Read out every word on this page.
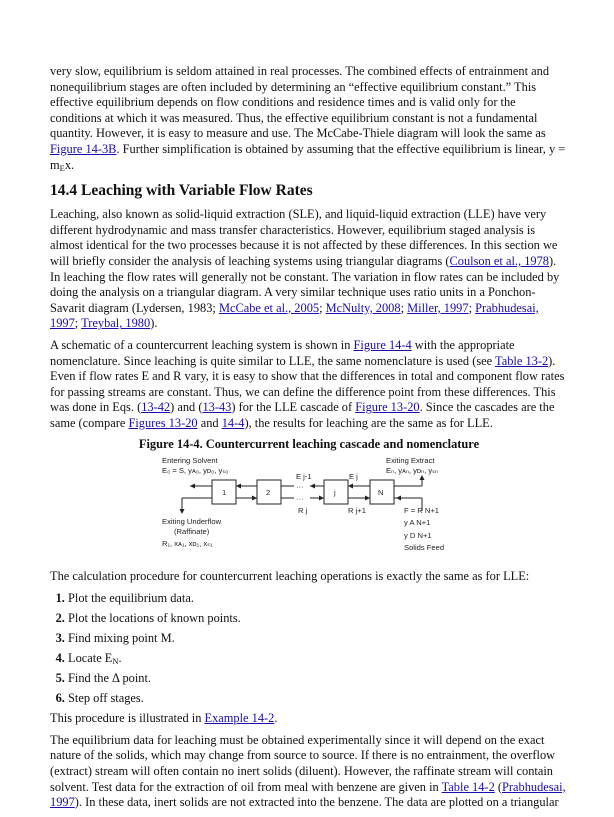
very slow, equilibrium is seldom attained in real processes. The combined effects of entrainment and nonequilibrium stages are often included by determining an “effective equilibrium constant.” This effective equilibrium depends on flow conditions and residence times and is valid only for the conditions at which it was measured. Thus, the effective equilibrium constant is not a fundamental quantity. However, it is easy to measure and use. The McCabe-Thiele diagram will look the same as Figure 14-3B. Further simplification is obtained by assuming that the effective equilibrium is linear, $y = m_Ex$.

14.4 Leaching with Variable Flow Rates

Leaching, also known as solid-liquid extraction (SLE), and liquid-liquid extraction (LLE) have very different hydrodynamic and mass transfer characteristics. However, equilibrium staged analysis is almost identical for the two processes because it is not affected by these differences. In this section we will briefly consider the analysis of leaching systems using triangular diagrams (Coulson et al., 1978). In leaching the flow rates will generally not be constant. The variation in flow rates can be included by doing the analysis on a triangular diagram. A very similar technique uses ratio units in a Ponchon-Savarit diagram (Lydersen, 1983; McCabe et al., 2005; McNulty, 2008; Miller, 1997; Prabhudesai, 1997; Treybal, 1980).

A schematic of a countercurrent leaching system is shown in Figure 14-4 with the appropriate nomenclature. Since leaching is quite similar to LLE, the same nomenclature is used (see Table 13-2). Even if flow rates E and R vary, it is easy to show that the differences in total and component flow rates for passing streams are constant. Thus, we can define the difference point from these differences. This was done in Eqs. (13-42) and (13-43) for the LLE cascade of Figure 13-20. Since the cascades are the same (compare Figures 13-20 and 14-4), the results for leaching are the same as for LLE.

Figure 14-4. Countercurrent leaching cascade and nomenclature
Entering Solvent
E₀ = S, yᴀ₀, yᴅ₀, yₛ₀
Exiting Extract
Eₙ, yᴀₙ, yᴅₙ, yₛₙ
1	2	j	N
···
···
E j
E j-1
R j	R j+1
Exiting Underflow
(Raffinate)
R₁, xᴀ₁, xᴅ₁, xₛ₁
F = R N+1
y A N+1
y D N+1
Solids Feed

The calculation procedure for countercurrent leaching operations is exactly the same as for LLE:

1. Plot the equilibrium data.
2. Plot the locations of known points.
3. Find mixing point M.
4. Locate $E_N$.
5. Find the Δ point.
6. Step off stages.

This procedure is illustrated in Example 14-2.

The equilibrium data for leaching must be obtained experimentally since it will depend on the exact nature of the solids, which may change from source to source. If there is no entrainment, the overflow (extract) stream will often contain no inert solids (diluent). However, the raffinate stream will contain solvent. Test data for the extraction of oil from meal with benzene are given in Table 14-2 (Prabhudesai, 1997). In these data, inert solids are not extracted into the benzene. The data are plotted on a triangular
